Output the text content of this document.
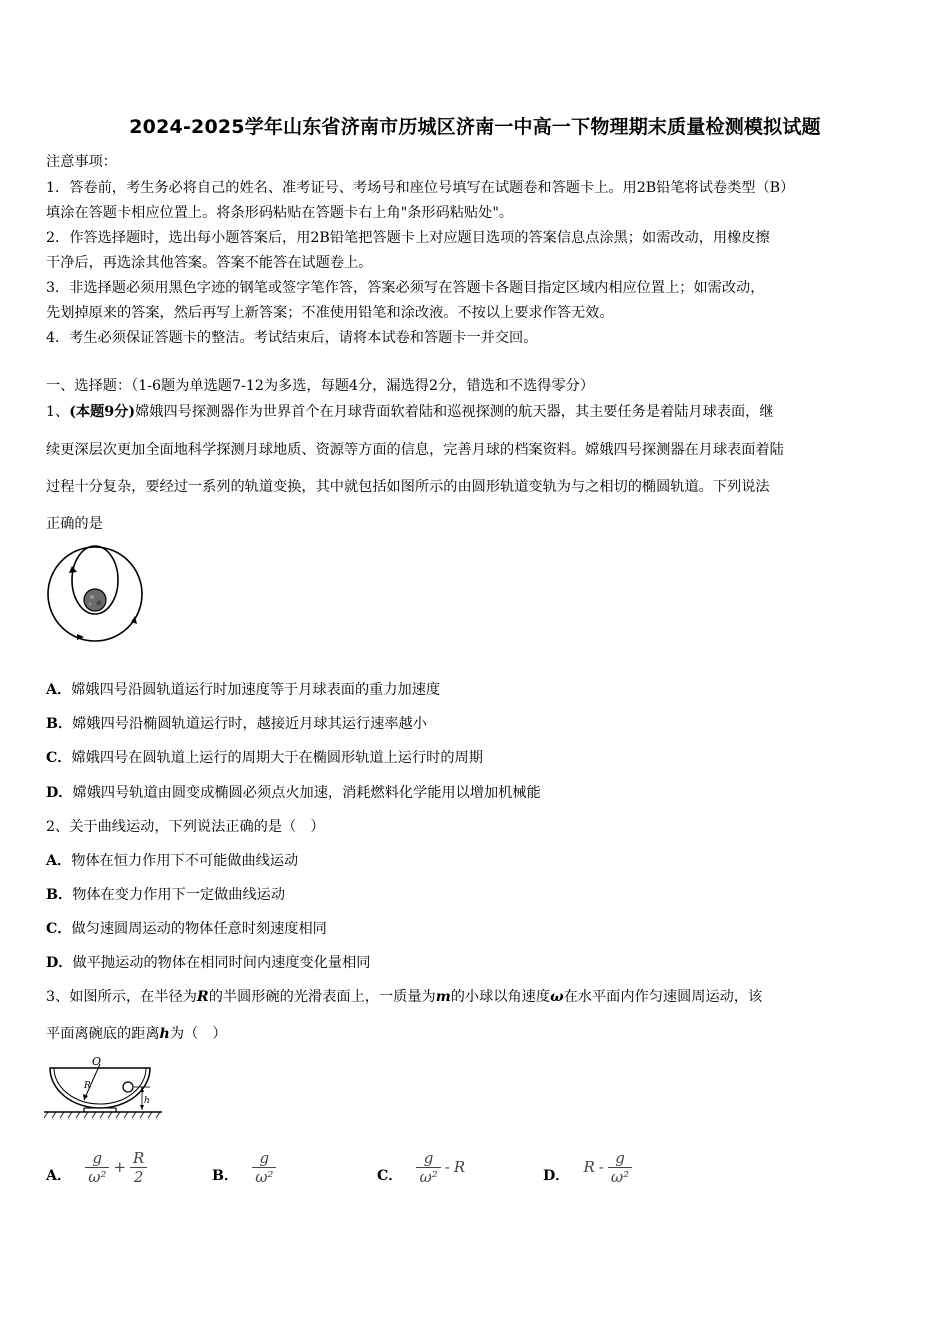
2024-2025学年山东省济南市历城区济南一中高一下物理期末质量检测模拟试题
注意事项：
1．答卷前，考生务必将自己的姓名、准考证号、考场号和座位号填写在试题卷和答题卡上。用2B铅笔将试卷类型（B）
填涂在答题卡相应位置上。将条形码粘贴在答题卡右上角"条形码粘贴处"。
2．作答选择题时，选出每小题答案后，用2B铅笔把答题卡上对应题目选项的答案信息点涂黑；如需改动，用橡皮擦
干净后，再选涂其他答案。答案不能答在试题卷上。
3．非选择题必须用黑色字迹的钢笔或签字笔作答，答案必须写在答题卡各题目指定区域内相应位置上；如需改动，
先划掉原来的答案，然后再写上新答案；不准使用铅笔和涂改液。不按以上要求作答无效。
4．考生必须保证答题卡的整洁。考试结束后，请将本试卷和答题卡一并交回。
一、选择题：（1-6题为单选题7-12为多选，每题4分，漏选得2分，错选和不选得零分）
1、(本题9分)嫦娥四号探测器作为世界首个在月球背面软着陆和巡视探测的航天器，其主要任务是着陆月球表面，继
续更深层次更加全面地科学探测月球地质、资源等方面的信息，完善月球的档案资料。嫦娥四号探测器在月球表面着陆
过程十分复杂，要经过一系列的轨道变换，其中就包括如图所示的由圆形轨道变轨为与之相切的椭圆轨道。下列说法
正确的是
A．嫦娥四号沿圆轨道运行时加速度等于月球表面的重力加速度
B．嫦娥四号沿椭圆轨道运行时，越接近月球其运行速率越小
C．嫦娥四号在圆轨道上运行的周期大于在椭圆形轨道上运行时的周期
D．嫦娥四号轨道由圆变成椭圆必须点火加速，消耗燃料化学能用以增加机械能
2、关于曲线运动，下列说法正确的是（　）
A．物体在恒力作用下不可能做曲线运动
B．物体在变力作用下一定做曲线运动
C．做匀速圆周运动的物体任意时刻速度相同
D．做平抛运动的物体在相同时间内速度变化量相同
3、如图所示，在半径为R的半圆形碗的光滑表面上，一质量为m的小球以角速度ω在水平面内作匀速圆周运动，该
平面离碗底的距离h为（　）
O
R
h
A． $\frac{g}{\text{ω²}} + \frac{R}{2}$	B． $\frac{g}{\text{ω²}}$	C． $\frac{g}{\text{ω²}}$ - R	D． R - $\frac{g}{\text{ω²}}$
